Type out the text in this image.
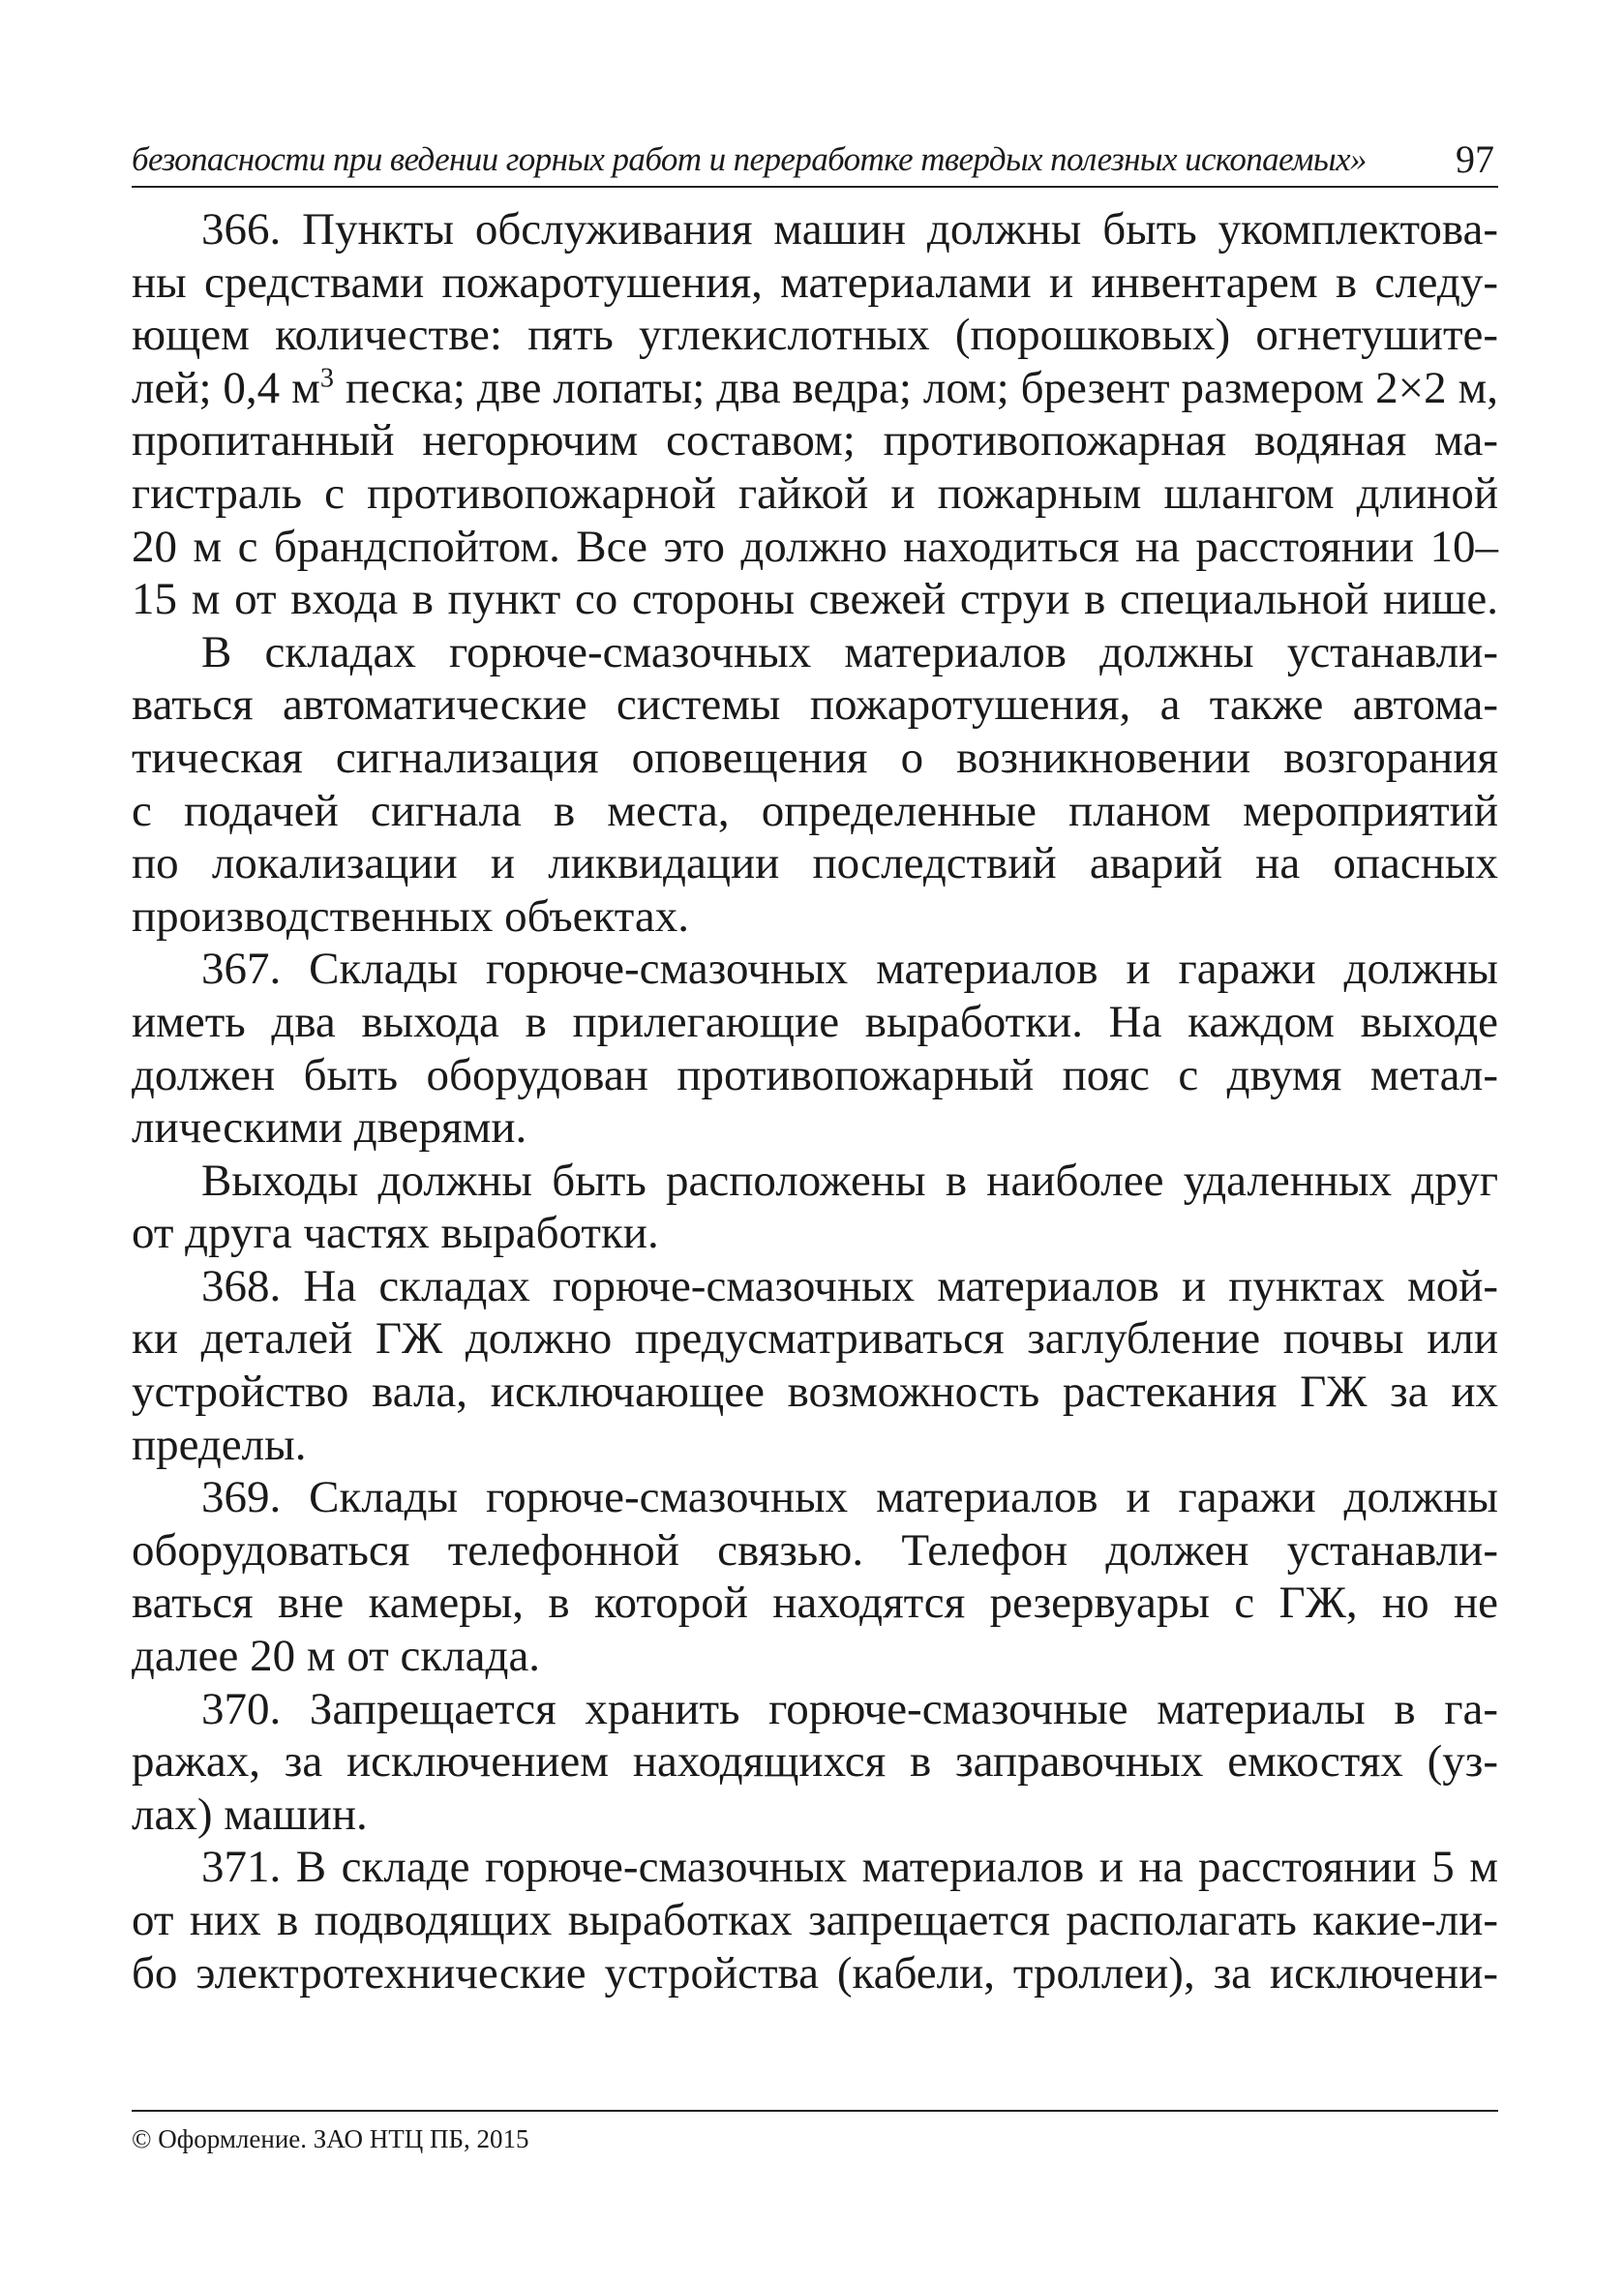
безопасности при ведении горных работ и переработке твердых полезных ископаемых» 97
366. Пункты обслуживания машин должны быть укомплектова-
ны средствами пожаротушения, материалами и инвентарем в следу-
ющем количестве: пять углекислотных (порошковых) огнетушите-
лей; 0,4 $м^3$ песка; две лопаты; два ведра; лом; брезент размером 2×2 м,
пропитанный негорючим составом; противопожарная водяная ма-
гистраль с противопожарной гайкой и пожарным шлангом длиной
20 м с брандспойтом. Все это должно находиться на расстоянии 10–
15 м от входа в пункт со стороны свежей струи в специальной нише.
В складах горюче-смазочных материалов должны устанавли-
ваться автоматические системы пожаротушения, а также автома-
тическая сигнализация оповещения о возникновении возгорания
с подачей сигнала в места, определенные планом мероприятий
по локализации и ликвидации последствий аварий на опасных
производственных объектах.
367. Склады горюче-смазочных материалов и гаражи должны
иметь два выхода в прилегающие выработки. На каждом выходе
должен быть оборудован противопожарный пояс с двумя метал-
лическими дверями.
Выходы должны быть расположены в наиболее удаленных друг
от друга частях выработки.
368. На складах горюче-смазочных материалов и пунктах мой-
ки деталей ГЖ должно предусматриваться заглубление почвы или
устройство вала, исключающее возможность растекания ГЖ за их
пределы.
369. Склады горюче-смазочных материалов и гаражи должны
оборудоваться телефонной связью. Телефон должен устанавли-
ваться вне камеры, в которой находятся резервуары с ГЖ, но не
далее 20 м от склада.
370. Запрещается хранить горюче-смазочные материалы в га-
ражах, за исключением находящихся в заправочных емкостях (уз-
лах) машин.
371. В складе горюче-смазочных материалов и на расстоянии 5 м
от них в подводящих выработках запрещается располагать какие-ли-
бо электротехнические устройства (кабели, троллеи), за исключени-
© Оформление. ЗАО НТЦ ПБ, 2015
